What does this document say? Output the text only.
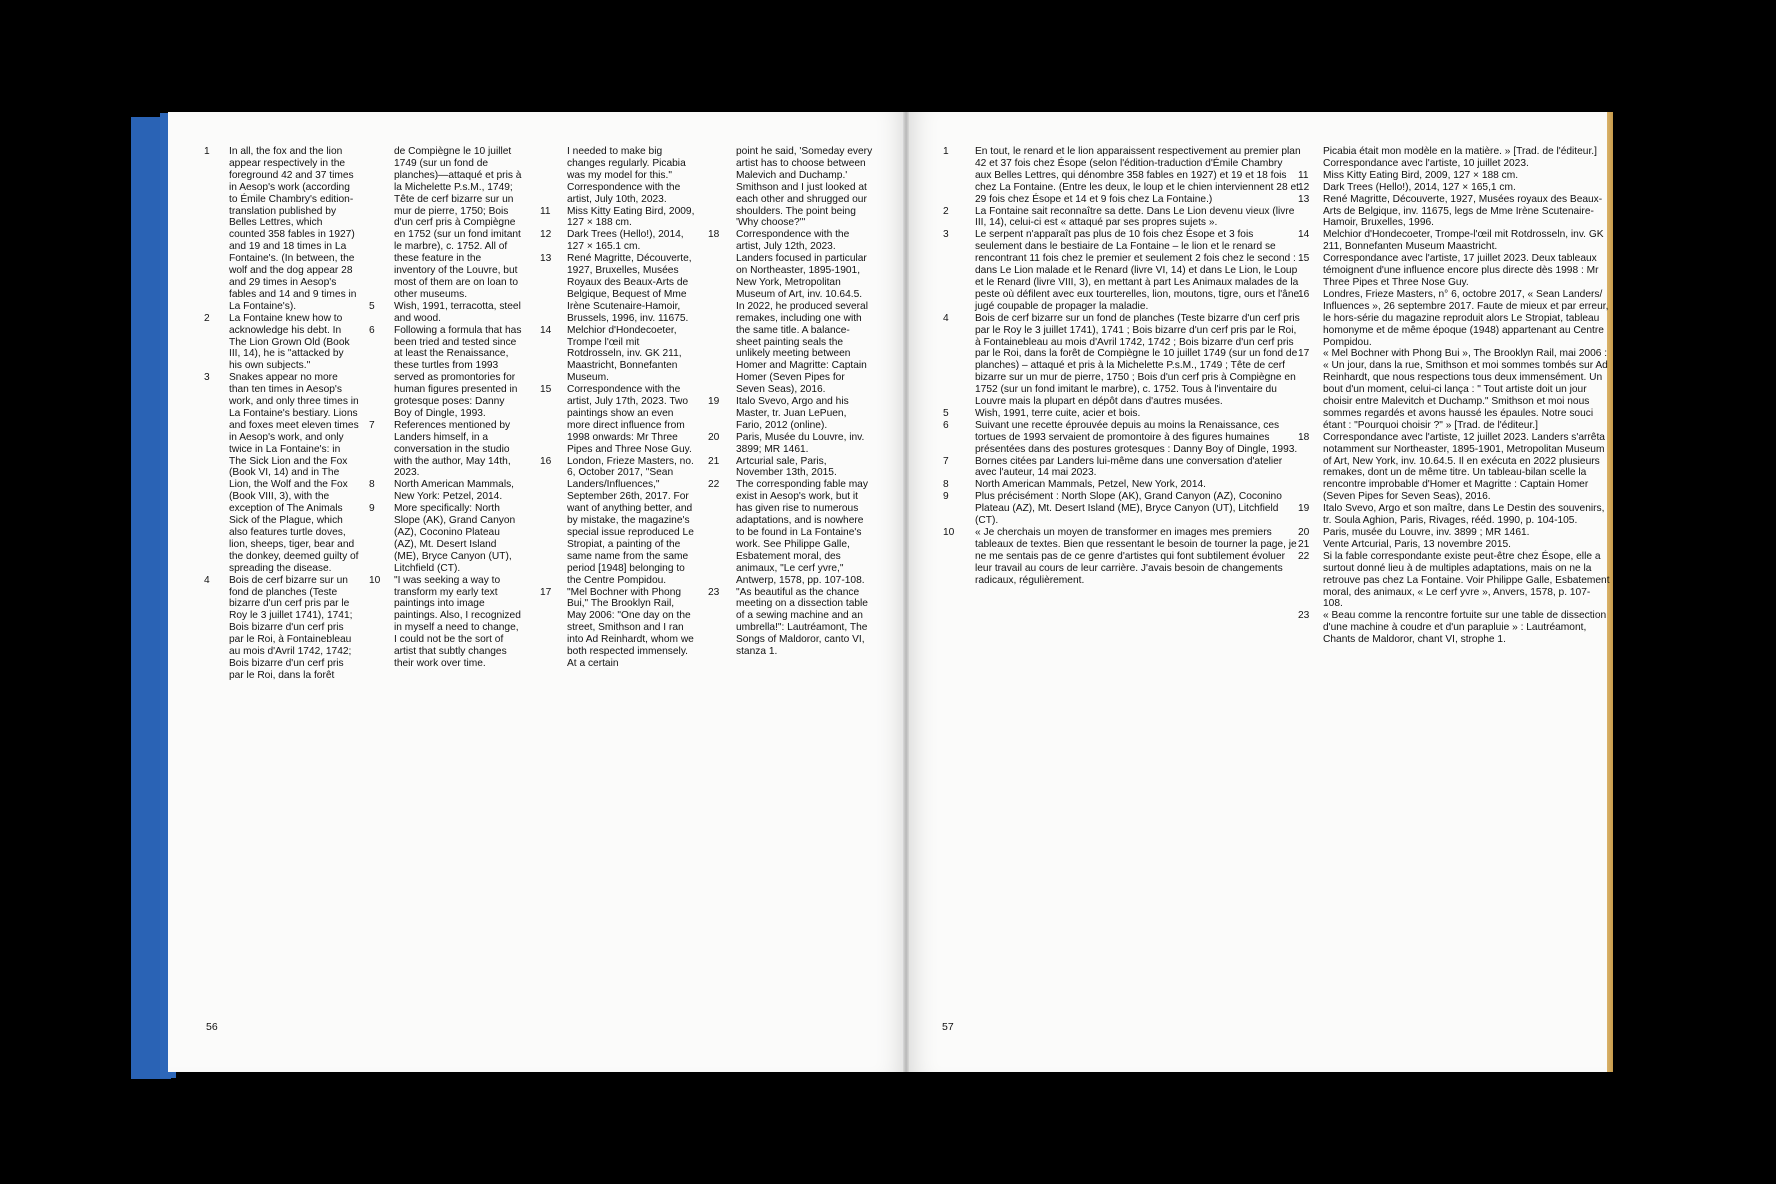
1	In all, the fox and the lion appear respectively in the foreground 42 and 37 times in Aesop's work (according to Émile Chambry's edition-translation published by Belles Lettres, which counted 358 fables in 1927) and 19 and 18 times in La Fontaine's. (In between, the wolf and the dog appear 28 and 29 times in Aesop's fables and 14 and 9 times in La Fontaine's).
2	La Fontaine knew how to acknowledge his debt. In The Lion Grown Old (Book III, 14), he is "attacked by his own subjects."
3	Snakes appear no more than ten times in Aesop's work, and only three times in La Fontaine's bestiary. Lions and foxes meet eleven times in Aesop's work, and only twice in La Fontaine's: in The Sick Lion and the Fox (Book VI, 14) and in The Lion, the Wolf and the Fox (Book VIII, 3), with the exception of The Animals Sick of the Plague, which also features turtle doves, lion, sheeps, tiger, bear and the donkey, deemed guilty of spreading the disease.
4	Bois de cerf bizarre sur un fond de planches (Teste bizarre d'un cerf pris par le Roy le 3 juillet 1741), 1741; Bois bizarre d'un cerf pris par le Roi, à Fontainebleau au mois d'Avril 1742, 1742; Bois bizarre d'un cerf pris par le Roi, dans la forêt
de Compiègne le 10 juillet 1749 (sur un fond de planches)—attaqué et pris à la Michelette P.s.M., 1749; Tête de cerf bizarre sur un mur de pierre, 1750; Bois d'un cerf pris à Compiègne en 1752 (sur un fond imitant le marbre), c. 1752. All of these feature in the inventory of the Louvre, but most of them are on loan to other museums.
5	Wish, 1991, terracotta, steel and wood.
6	Following a formula that has been tried and tested since at least the Renaissance, these turtles from 1993 served as promontories for human figures presented in grotesque poses: Danny Boy of Dingle, 1993.
7	References mentioned by Landers himself, in a conversation in the studio with the author, May 14th, 2023.
8	North American Mammals, New York: Petzel, 2014.
9	More specifically: North Slope (AK), Grand Canyon (AZ), Coconino Plateau (AZ), Mt. Desert Island (ME), Bryce Canyon (UT), Litchfield (CT).
10	"I was seeking a way to transform my early text paintings into image paintings. Also, I recognized in myself a need to change, I could not be the sort of artist that subtly changes their work over time.
I needed to make big changes regularly. Picabia was my model for this." Correspondence with the artist, July 10th, 2023.
11	Miss Kitty Eating Bird, 2009, 127 × 188 cm.
12	Dark Trees (Hello!), 2014, 127 × 165.1 cm.
13	René Magritte, Découverte, 1927, Bruxelles, Musées Royaux des Beaux-Arts de Belgique, Bequest of Mme Irène Scutenaire-Hamoir, Brussels, 1996, inv. 11675.
14	Melchior d'Hondecoeter, Trompe l'œil mit Rotdrosseln, inv. GK 211, Maastricht, Bonnefanten Museum.
15	Correspondence with the artist, July 17th, 2023. Two paintings show an even more direct influence from 1998 onwards: Mr Three Pipes and Three Nose Guy.
16	London, Frieze Masters, no. 6, October 2017, "Sean Landers/Influences," September 26th, 2017. For want of anything better, and by mistake, the magazine's special issue reproduced Le Stropiat, a painting of the same name from the same period [1948] belonging to the Centre Pompidou.
17	"Mel Bochner with Phong Bui," The Brooklyn Rail, May 2006: "One day on the street, Smithson and I ran into Ad Reinhardt, whom we both respected immensely. At a certain
point he said, 'Someday every artist has to choose between Malevich and Duchamp.' Smithson and I just looked at each other and shrugged our shoulders. The point being 'Why choose?'"
18	Correspondence with the artist, July 12th, 2023. Landers focused in particular on Northeaster, 1895-1901, New York, Metropolitan Museum of Art, inv. 10.64.5. In 2022, he produced several remakes, including one with the same title. A balance-sheet painting seals the unlikely meeting between Homer and Magritte: Captain Homer (Seven Pipes for Seven Seas), 2016.
19	Italo Svevo, Argo and his Master, tr. Juan LePuen, Fario, 2012 (online).
20	Paris, Musée du Louvre, inv. 3899; MR 1461.
21	Artcurial sale, Paris, November 13th, 2015.
22	The corresponding fable may exist in Aesop's work, but it has given rise to numerous adaptations, and is nowhere to be found in La Fontaine's work. See Philippe Galle, Esbatement moral, des animaux, "Le cerf yvre," Antwerp, 1578, pp. 107-108.
23	"As beautiful as the chance meeting on a dissection table of a sewing machine and an umbrella!": Lautréamont, The Songs of Maldoror, canto VI, stanza 1.
1	En tout, le renard et le lion apparaissent respectivement au premier plan 42 et 37 fois chez Ésope (selon l'édition-traduction d'Émile Chambry aux Belles Lettres, qui dénombre 358 fables en 1927) et 19 et 18 fois chez La Fontaine. (Entre les deux, le loup et le chien interviennent 28 et 29 fois chez Ésope et 14 et 9 fois chez La Fontaine.)
2	La Fontaine sait reconnaître sa dette. Dans Le Lion devenu vieux (livre III, 14), celui-ci est « attaqué par ses propres sujets ».
3	Le serpent n'apparaît pas plus de 10 fois chez Ésope et 3 fois seulement dans le bestiaire de La Fontaine – le lion et le renard se rencontrant 11 fois chez le premier et seulement 2 fois chez le second : dans Le Lion malade et le Renard (livre VI, 14) et dans Le Lion, le Loup et le Renard (livre VIII, 3), en mettant à part Les Animaux malades de la peste où défilent avec eux tourterelles, lion, moutons, tigre, ours et l'âne jugé coupable de propager la maladie.
4	Bois de cerf bizarre sur un fond de planches (Teste bizarre d'un cerf pris par le Roy le 3 juillet 1741), 1741 ; Bois bizarre d'un cerf pris par le Roi, à Fontainebleau au mois d'Avril 1742, 1742 ; Bois bizarre d'un cerf pris par le Roi, dans la forêt de Compiègne le 10 juillet 1749 (sur un fond de planches) – attaqué et pris à la Michelette P.s.M., 1749 ; Tête de cerf bizarre sur un mur de pierre, 1750 ; Bois d'un cerf pris à Compiègne en 1752 (sur un fond imitant le marbre), c. 1752. Tous à l'inventaire du Louvre mais la plupart en dépôt dans d'autres musées.
5	Wish, 1991, terre cuite, acier et bois.
6	Suivant une recette éprouvée depuis au moins la Renaissance, ces tortues de 1993 servaient de promontoire à des figures humaines présentées dans des postures grotesques : Danny Boy of Dingle, 1993.
7	Bornes citées par Landers lui-même dans une conversation d'atelier avec l'auteur, 14 mai 2023.
8	North American Mammals, Petzel, New York, 2014.
9	Plus précisément : North Slope (AK), Grand Canyon (AZ), Coconino Plateau (AZ), Mt. Desert Island (ME), Bryce Canyon (UT), Litchfield (CT).
10	« Je cherchais un moyen de transformer en images mes premiers tableaux de textes. Bien que ressentant le besoin de tourner la page, je ne me sentais pas de ce genre d'artistes qui font subtilement évoluer leur travail au cours de leur carrière. J'avais besoin de changements radicaux, régulièrement.
Picabia était mon modèle en la matière. » [Trad. de l'éditeur.] Correspondance avec l'artiste, 10 juillet 2023.
11	Miss Kitty Eating Bird, 2009, 127 × 188 cm.
12	Dark Trees (Hello!), 2014, 127 × 165,1 cm.
13	René Magritte, Découverte, 1927, Musées royaux des Beaux-Arts de Belgique, inv. 11675, legs de Mme Irène Scutenaire-Hamoir, Bruxelles, 1996.
14	Melchior d'Hondecoeter, Trompe-l'œil mit Rotdrosseln, inv. GK 211, Bonnefanten Museum Maastricht.
15	Correspondance avec l'artiste, 17 juillet 2023. Deux tableaux témoignent d'une influence encore plus directe dès 1998 : Mr Three Pipes et Three Nose Guy.
16	Londres, Frieze Masters, n° 6, octobre 2017, « Sean Landers/ Influences », 26 septembre 2017. Faute de mieux et par erreur, le hors-série du magazine reproduit alors Le Stropiat, tableau homonyme et de même époque (1948) appartenant au Centre Pompidou.
17	« Mel Bochner with Phong Bui », The Brooklyn Rail, mai 2006 : « Un jour, dans la rue, Smithson et moi sommes tombés sur Ad Reinhardt, que nous respections tous deux immensément. Un bout d'un moment, celui-ci lança : " Tout artiste doit un jour choisir entre Malevitch et Duchamp." Smithson et moi nous sommes regardés et avons haussé les épaules. Notre souci étant : "Pourquoi choisir ?" » [Trad. de l'éditeur.]
18	Correspondance avec l'artiste, 12 juillet 2023. Landers s'arrêta notamment sur Northeaster, 1895-1901, Metropolitan Museum of Art, New York, inv. 10.64.5. Il en exécuta en 2022 plusieurs remakes, dont un de même titre. Un tableau-bilan scelle la rencontre improbable d'Homer et Magritte : Captain Homer (Seven Pipes for Seven Seas), 2016.
19	Italo Svevo, Argo et son maître, dans Le Destin des souvenirs, tr. Soula Aghion, Paris, Rivages, rééd. 1990, p. 104-105.
20	Paris, musée du Louvre, inv. 3899 ; MR 1461.
21	Vente Artcurial, Paris, 13 novembre 2015.
22	Si la fable correspondante existe peut-être chez Ésope, elle a surtout donné lieu à de multiples adaptations, mais on ne la retrouve pas chez La Fontaine. Voir Philippe Galle, Esbatement moral, des animaux, « Le cerf yvre », Anvers, 1578, p. 107-108.
23	« Beau comme la rencontre fortuite sur une table de dissection d'une machine à coudre et d'un parapluie » : Lautréamont, Chants de Maldoror, chant VI, strophe 1.
56	57
